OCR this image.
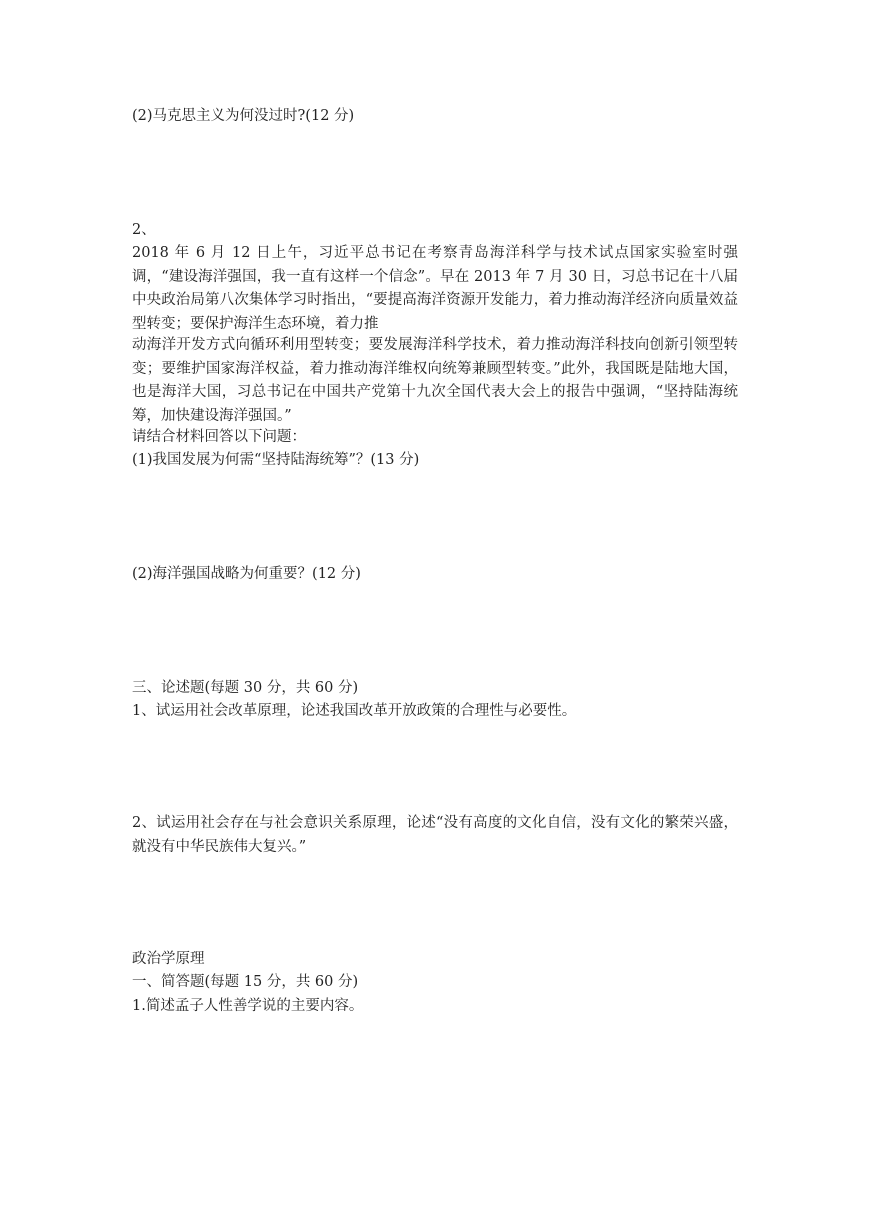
(2)马克思主义为何没过时?(12 分)

2、

2018 年 6 月 12 日上午，习近平总书记在考察青岛海洋科学与技术试点国家实验室时强调，“建设海洋强国，我一直有这样一个信念”。早在 2013 年 7 月 30 日，习总书记在十八届中央政治局第八次集体学习时指出，“要提高海洋资源开发能力，着力推动海洋经济向质量效益型转变；要保护海洋生态环境，着力推

动海洋开发方式向循环利用型转变；要发展海洋科学技术，着力推动海洋科技向创新引领型转变；要维护国家海洋权益，着力推动海洋维权向统筹兼顾型转变。”此外，我国既是陆地大国，也是海洋大国，习总书记在中国共产党第十九次全国代表大会上的报告中强调，“坚持陆海统筹，加快建设海洋强国。”

请结合材料回答以下问题：

(1)我国发展为何需“坚持陆海统筹”？(13 分)

(2)海洋强国战略为何重要？(12 分)

三、论述题(每题 30 分，共 60 分)

1、试运用社会改革原理，论述我国改革开放政策的合理性与必要性。

2、试运用社会存在与社会意识关系原理，论述“没有高度的文化自信，没有文化的繁荣兴盛，就没有中华民族伟大复兴。”

政治学原理

一、简答题(每题 15 分，共 60 分)

1.简述孟子人性善学说的主要内容。
